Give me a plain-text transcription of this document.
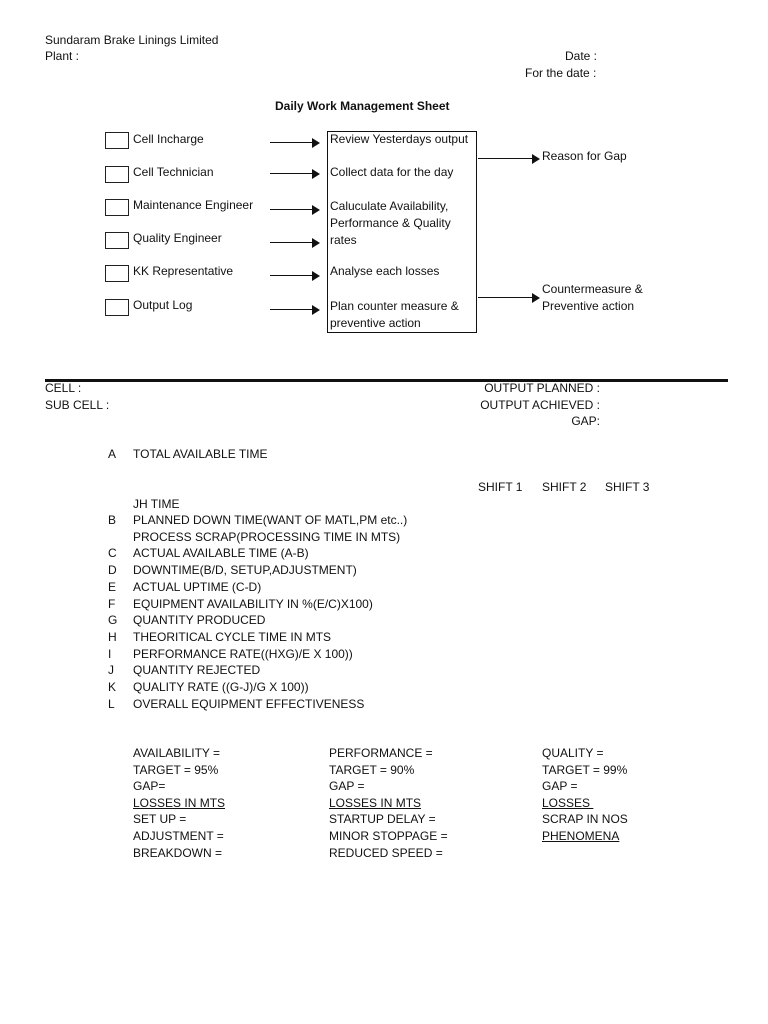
Sundaram Brake Linings Limited
Plant :	Date :
For the date :
Daily Work Management Sheet
Cell Incharge
Cell Technician
Maintenance Engineer
Quality Engineer
KK Representative
Output Log
Review Yesterdays output
Collect data for the day
Caluculate Availability, Performance & Quality rates
Analyse each losses
Plan counter measure & preventive action
Reason for Gap
Countermeasure & Preventive action
CELL :
SUB CELL :
OUTPUT PLANNED :
OUTPUT ACHIEVED :
GAP:
A TOTAL AVAILABLE TIME
SHIFT 1 SHIFT 2 SHIFT 3
JH TIME
B PLANNED DOWN TIME(WANT OF MATL,PM etc..)
PROCESS SCRAP(PROCESSING TIME IN MTS)
C ACTUAL AVAILABLE TIME (A-B)
D DOWNTIME(B/D, SETUP,ADJUSTMENT)
E ACTUAL UPTIME (C-D)
F EQUIPMENT AVAILABILITY IN %(E/C)X100)
G QUANTITY PRODUCED
H THEORITICAL CYCLE TIME IN MTS
I PERFORMANCE RATE((HXG)/E X 100))
J QUANTITY REJECTED
K QUALITY RATE ((G-J)/G X 100))
L OVERALL EQUIPMENT EFFECTIVENESS
AVAILABILITY =
TARGET = 95%
GAP=
LOSSES IN MTS
SET UP =
ADJUSTMENT =
BREAKDOWN =
PERFORMANCE =
TARGET = 90%
GAP =
LOSSES IN MTS
STARTUP DELAY =
MINOR STOPPAGE =
REDUCED SPEED =
QUALITY =
TARGET = 99%
GAP =
LOSSES
SCRAP IN NOS
PHENOMENA
